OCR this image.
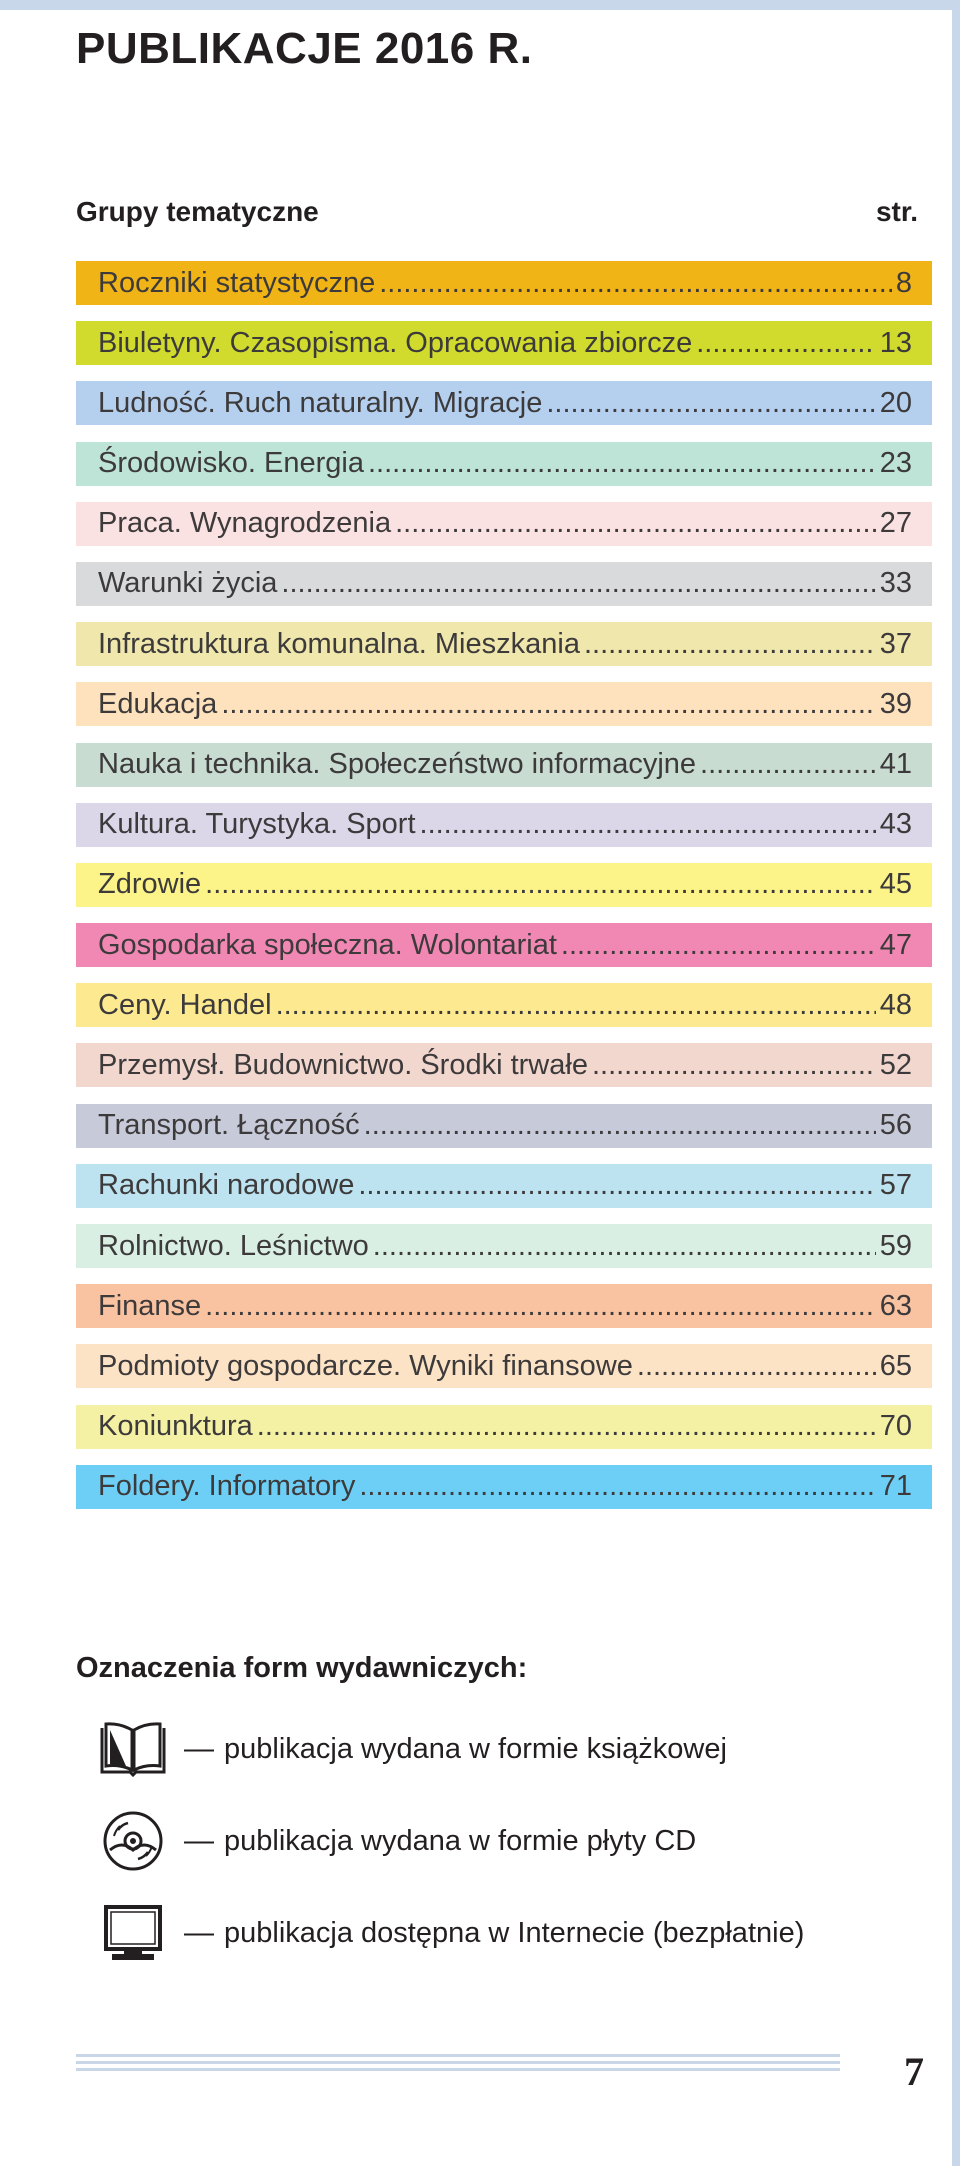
PUBLIKACJE 2016 R.
Grupy tematyczne	str.
Roczniki statystyczne .....	8
Biuletyny. Czasopisma. Opracowania zbiorcze .....	13
Ludność. Ruch naturalny. Migracje .....	20
Środowisko. Energia .....	23
Praca. Wynagrodzenia .....	27
Warunki życia .....	33
Infrastruktura komunalna. Mieszkania .....	37
Edukacja .....	39
Nauka i technika. Społeczeństwo informacyjne .....	41
Kultura. Turystyka. Sport .....	43
Zdrowie .....	45
Gospodarka społeczna. Wolontariat .....	47
Ceny. Handel .....	48
Przemysł. Budownictwo. Środki trwałe .....	52
Transport. Łączność .....	56
Rachunki narodowe .....	57
Rolnictwo. Leśnictwo .....	59
Finanse .....	63
Podmioty gospodarcze. Wyniki finansowe .....	65
Koniunktura .....	70
Foldery. Informatory .....	71
Oznaczenia form wydawniczych:
— publikacja wydana w formie książkowej
— publikacja wydana w formie płyty CD
— publikacja dostępna w Internecie (bezpłatnie)
7
